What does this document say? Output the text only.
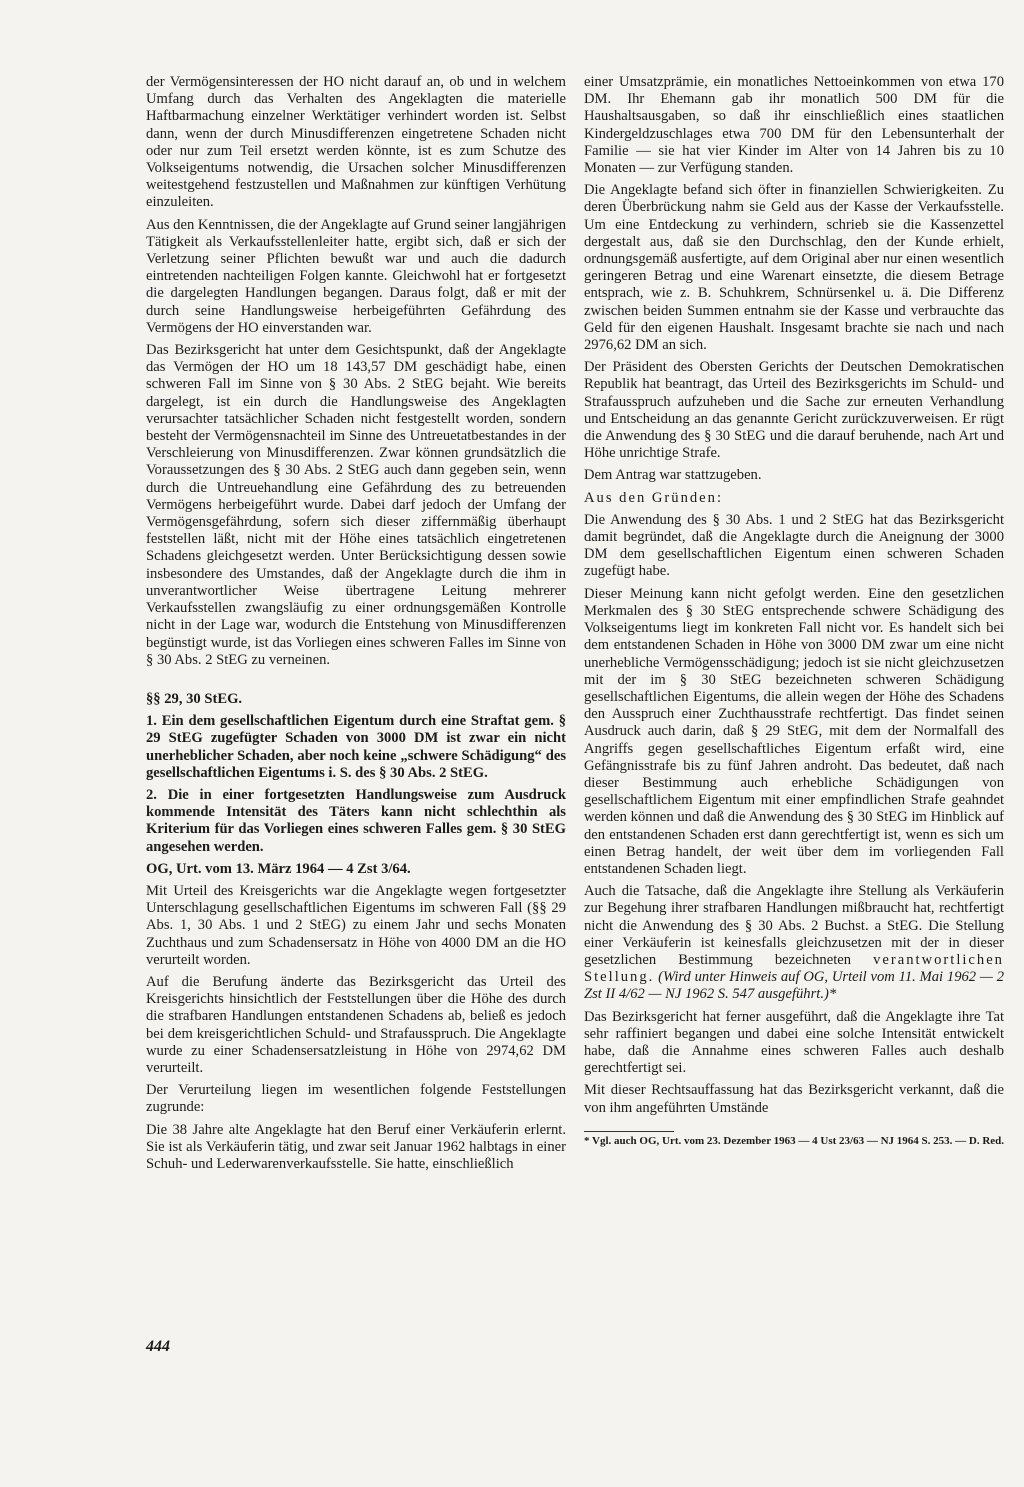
der Vermögensinteressen der HO nicht darauf an, ob und in welchem Umfang durch das Verhalten des Angeklagten die materielle Haftbarmachung einzelner Werktätiger verhindert worden ist. Selbst dann, wenn der durch Minusdifferenzen eingetretene Schaden nicht oder nur zum Teil ersetzt werden könnte, ist es zum Schutze des Volkseigentums notwendig, die Ursachen solcher Minusdifferenzen weitestgehend festzustellen und Maßnahmen zur künftigen Verhütung einzuleiten.

Aus den Kenntnissen, die der Angeklagte auf Grund seiner langjährigen Tätigkeit als Verkaufsstellenleiter hatte, ergibt sich, daß er sich der Verletzung seiner Pflichten bewußt war und auch die dadurch eintretenden nachteiligen Folgen kannte. Gleichwohl hat er fortgesetzt die dargelegten Handlungen begangen. Daraus folgt, daß er mit der durch seine Handlungsweise herbeigeführten Gefährdung des Vermögens der HO einverstanden war.

Das Bezirksgericht hat unter dem Gesichtspunkt, daß der Angeklagte das Vermögen der HO um 18 143,57 DM geschädigt habe, einen schweren Fall im Sinne von § 30 Abs. 2 StEG bejaht. Wie bereits dargelegt, ist ein durch die Handlungsweise des Angeklagten verursachter tatsächlicher Schaden nicht festgestellt worden, sondern besteht der Vermögensnachteil im Sinne des Untreuetatbestandes in der Verschleierung von Minusdifferenzen. Zwar können grundsätzlich die Voraussetzungen des § 30 Abs. 2 StEG auch dann gegeben sein, wenn durch die Untreuehandlung eine Gefährdung des zu betreuenden Vermögens herbeigeführt wurde. Dabei darf jedoch der Umfang der Vermögensgefährdung, sofern sich dieser ziffernmäßig überhaupt feststellen läßt, nicht mit der Höhe eines tatsächlich eingetretenen Schadens gleichgesetzt werden. Unter Berücksichtigung dessen sowie insbesondere des Umstandes, daß der Angeklagte durch die ihm in unverantwortlicher Weise übertragene Leitung mehrerer Verkaufsstellen zwangsläufig zu einer ordnungsgemäßen Kontrolle nicht in der Lage war, wodurch die Entstehung von Minusdifferenzen begünstigt wurde, ist das Vorliegen eines schweren Falles im Sinne von § 30 Abs. 2 StEG zu verneinen.

§§ 29, 30 StEG.

1. Ein dem gesellschaftlichen Eigentum durch eine Straftat gem. § 29 StEG zugefügter Schaden von 3000 DM ist zwar ein nicht unerheblicher Schaden, aber noch keine „schwere Schädigung“ des gesellschaftlichen Eigentums i. S. des § 30 Abs. 2 StEG.

2. Die in einer fortgesetzten Handlungsweise zum Ausdruck kommende Intensität des Täters kann nicht schlechthin als Kriterium für das Vorliegen eines schweren Falles gem. § 30 StEG angesehen werden.

OG, Urt. vom 13. März 1964 — 4 Zst 3/64.

Mit Urteil des Kreisgerichts war die Angeklagte wegen fortgesetzter Unterschlagung gesellschaftlichen Eigentums im schweren Fall (§§ 29 Abs. 1, 30 Abs. 1 und 2 StEG) zu einem Jahr und sechs Monaten Zuchthaus und zum Schadensersatz in Höhe von 4000 DM an die HO verurteilt worden.

Auf die Berufung änderte das Bezirksgericht das Urteil des Kreisgerichts hinsichtlich der Feststellungen über die Höhe des durch die strafbaren Handlungen entstandenen Schadens ab, beließ es jedoch bei dem kreisgerichtlichen Schuld- und Strafausspruch. Die Angeklagte wurde zu einer Schadensersatzleistung in Höhe von 2974,62 DM verurteilt.

Der Verurteilung liegen im wesentlichen folgende Feststellungen zugrunde:

Die 38 Jahre alte Angeklagte hat den Beruf einer Verkäuferin erlernt. Sie ist als Verkäuferin tätig, und zwar seit Januar 1962 halbtags in einer Schuh- und Lederwarenverkaufsstelle. Sie hatte, einschließlich

einer Umsatzprämie, ein monatliches Nettoeinkommen von etwa 170 DM. Ihr Ehemann gab ihr monatlich 500 DM für die Haushaltsausgaben, so daß ihr einschließlich eines staatlichen Kindergeldzuschlages etwa 700 DM für den Lebensunterhalt der Familie — sie hat vier Kinder im Alter von 14 Jahren bis zu 10 Monaten — zur Verfügung standen.

Die Angeklagte befand sich öfter in finanziellen Schwierigkeiten. Zu deren Überbrückung nahm sie Geld aus der Kasse der Verkaufsstelle. Um eine Entdeckung zu verhindern, schrieb sie die Kassenzettel dergestalt aus, daß sie den Durchschlag, den der Kunde erhielt, ordnungsgemäß ausfertigte, auf dem Original aber nur einen wesentlich geringeren Betrag und eine Warenart einsetzte, die diesem Betrage entsprach, wie z. B. Schuhkrem, Schnürsenkel u. ä. Die Differenz zwischen beiden Summen entnahm sie der Kasse und verbrauchte das Geld für den eigenen Haushalt. Insgesamt brachte sie nach und nach 2976,62 DM an sich.

Der Präsident des Obersten Gerichts der Deutschen Demokratischen Republik hat beantragt, das Urteil des Bezirksgerichts im Schuld- und Strafausspruch aufzuheben und die Sache zur erneuten Verhandlung und Entscheidung an das genannte Gericht zurückzuverweisen. Er rügt die Anwendung des § 30 StEG und die darauf beruhende, nach Art und Höhe unrichtige Strafe.

Dem Antrag war stattzugeben.

Aus den Gründen:

Die Anwendung des § 30 Abs. 1 und 2 StEG hat das Bezirksgericht damit begründet, daß die Angeklagte durch die Aneignung der 3000 DM dem gesellschaftlichen Eigentum einen schweren Schaden zugefügt habe.

Dieser Meinung kann nicht gefolgt werden. Eine den gesetzlichen Merkmalen des § 30 StEG entsprechende schwere Schädigung des Volkseigentums liegt im konkreten Fall nicht vor. Es handelt sich bei dem entstandenen Schaden in Höhe von 3000 DM zwar um eine nicht unerhebliche Vermögensschädigung; jedoch ist sie nicht gleichzusetzen mit der im § 30 StEG bezeichneten schweren Schädigung gesellschaftlichen Eigentums, die allein wegen der Höhe des Schadens den Ausspruch einer Zuchthausstrafe rechtfertigt. Das findet seinen Ausdruck auch darin, daß § 29 StEG, mit dem der Normalfall des Angriffs gegen gesellschaftliches Eigentum erfaßt wird, eine Gefängnisstrafe bis zu fünf Jahren androht. Das bedeutet, daß nach dieser Bestimmung auch erhebliche Schädigungen von gesellschaftlichem Eigentum mit einer empfindlichen Strafe geahndet werden können und daß die Anwendung des § 30 StEG im Hinblick auf den entstandenen Schaden erst dann gerechtfertigt ist, wenn es sich um einen Betrag handelt, der weit über dem im vorliegenden Fall entstandenen Schaden liegt.

Auch die Tatsache, daß die Angeklagte ihre Stellung als Verkäuferin zur Begehung ihrer strafbaren Handlungen mißbraucht hat, rechtfertigt nicht die Anwendung des § 30 Abs. 2 Buchst. a StEG. Die Stellung einer Verkäuferin ist keinesfalls gleichzusetzen mit der in dieser gesetzlichen Bestimmung bezeichneten verantwortlichen Stellung. (Wird unter Hinweis auf OG, Urteil vom 11. Mai 1962 — 2 Zst II 4/62 — NJ 1962 S. 547 ausgeführt.)*

Das Bezirksgericht hat ferner ausgeführt, daß die Angeklagte ihre Tat sehr raffiniert begangen und dabei eine solche Intensität entwickelt habe, daß die Annahme eines schweren Falles auch deshalb gerechtfertigt sei.

Mit dieser Rechtsauffassung hat das Bezirksgericht verkannt, daß die von ihm angeführten Umstände

* Vgl. auch OG, Urt. vom 23. Dezember 1963 — 4 Ust 23/63 — NJ 1964 S. 253. — D. Red.

444
